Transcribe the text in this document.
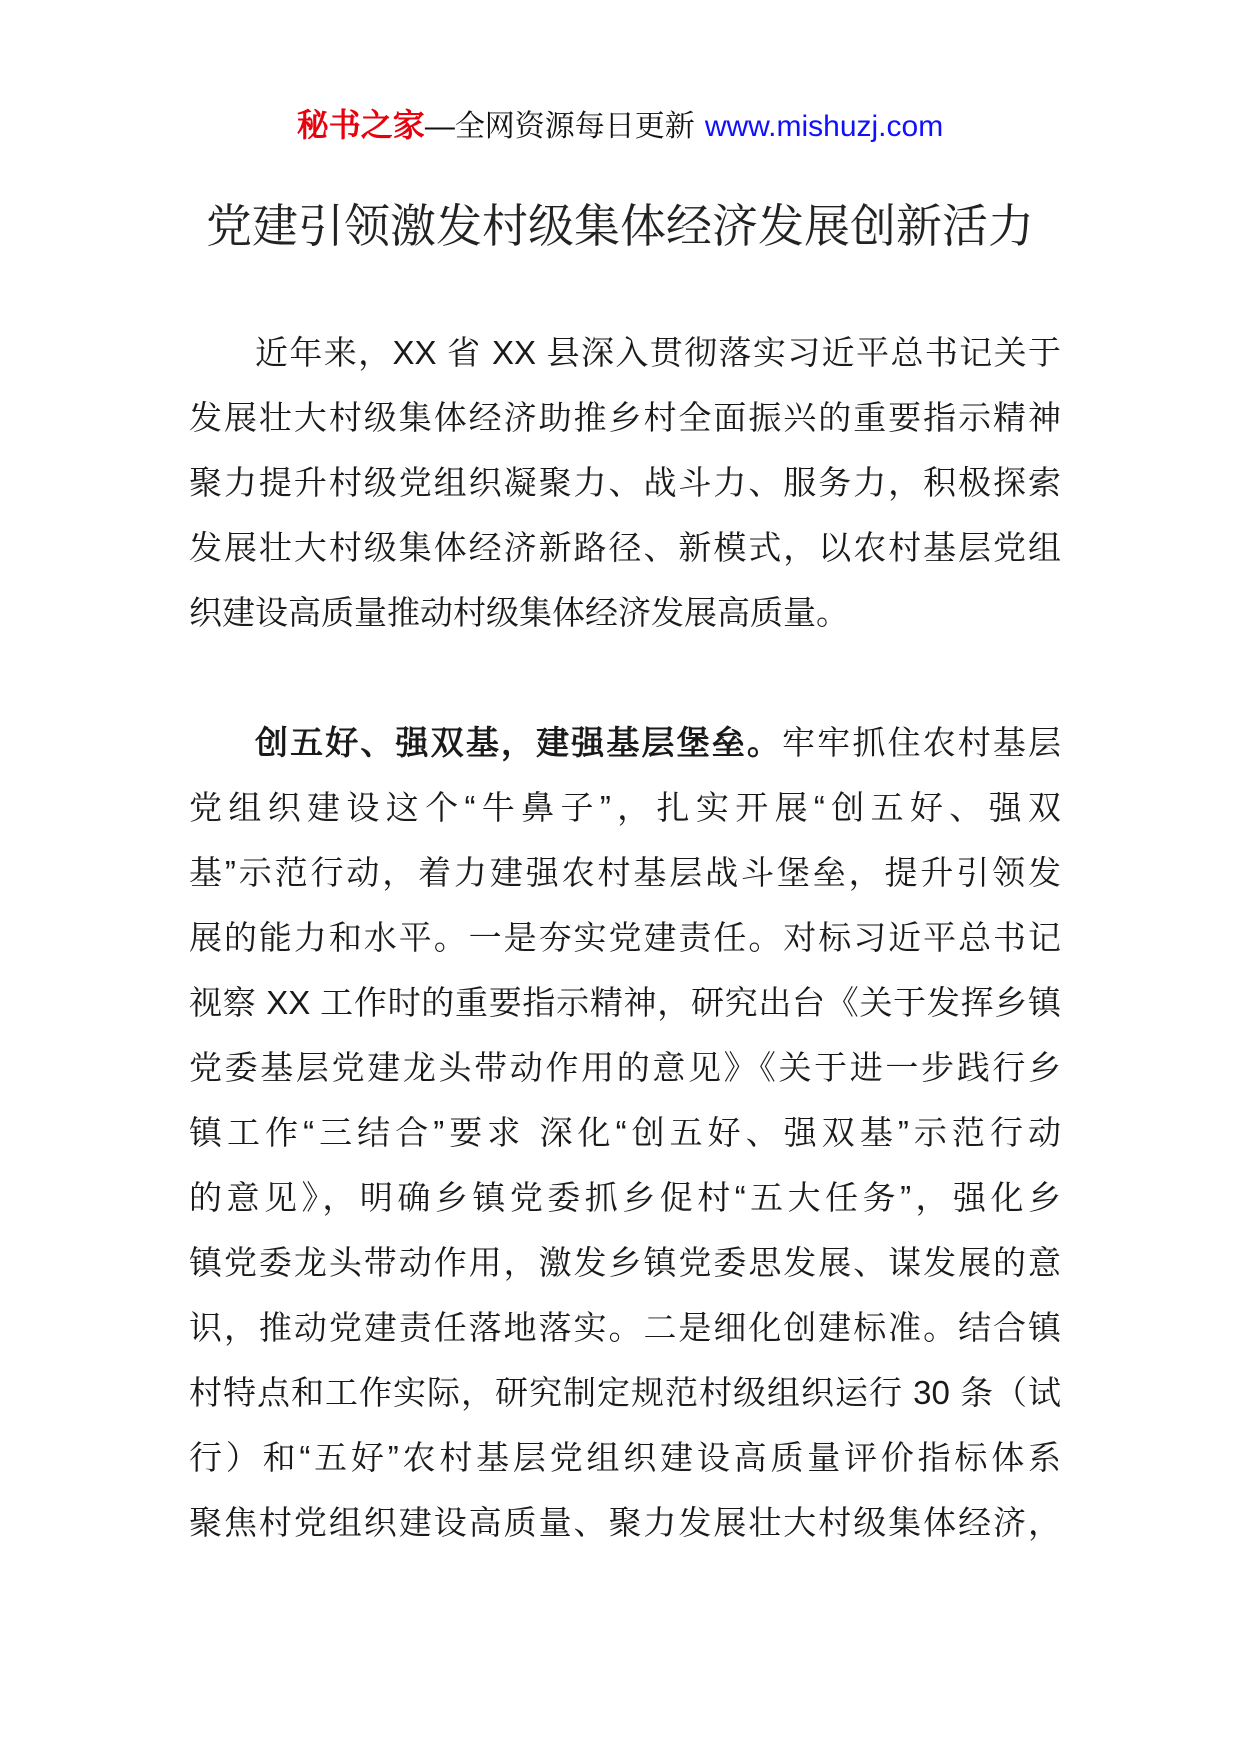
秘书之家—全网资源每日更新 www.mishuzj.com
党建引领激发村级集体经济发展创新活力
近年来，XX 省 XX 县深入贯彻落实习近平总书记关于
发展壮大村级集体经济助推乡村全面振兴的重要指示精神
聚力提升村级党组织凝聚力、战斗力、服务力，积极探索
发展壮大村级集体经济新路径、新模式，以农村基层党组
织建设高质量推动村级集体经济发展高质量。
创五好、强双基，建强基层堡垒。牢牢抓住农村基层
党组织建设这个“牛鼻子”，扎实开展“创五好、强双
基”示范行动，着力建强农村基层战斗堡垒，提升引领发
展的能力和水平。一是夯实党建责任。对标习近平总书记
视察 XX 工作时的重要指示精神，研究出台《关于发挥乡镇
党委基层党建龙头带动作用的意见》《关于进一步践行乡
镇工作“三结合”要求 深化“创五好、强双基”示范行动
的意见》，明确乡镇党委抓乡促村“五大任务”，强化乡
镇党委龙头带动作用，激发乡镇党委思发展、谋发展的意
识，推动党建责任落地落实。二是细化创建标准。结合镇
村特点和工作实际，研究制定规范村级组织运行 30 条（试
行）和“五好”农村基层党组织建设高质量评价指标体系
聚焦村党组织建设高质量、聚力发展壮大村级集体经济，
